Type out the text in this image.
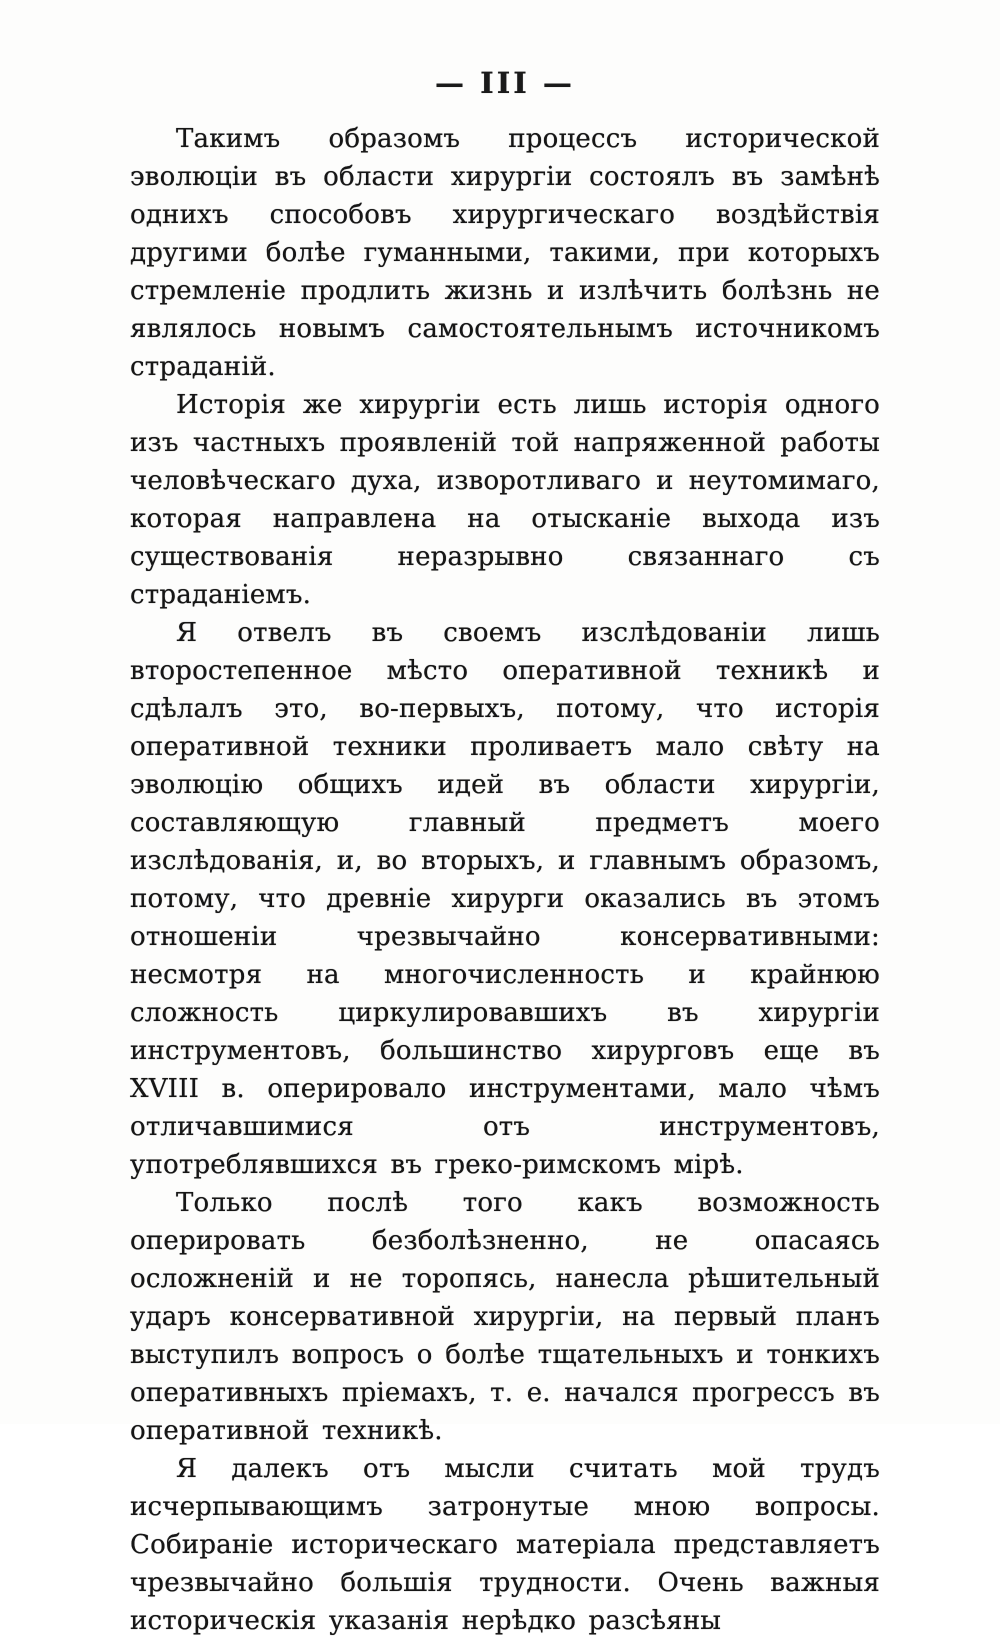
— III —

Такимъ образомъ процессъ исторической эволюціи въ области хирургіи состоялъ въ замѣнѣ однихъ способовъ хирургическаго воздѣйствія другими болѣе гуманными, такими, при которыхъ стремленіе продлить жизнь и излѣчить болѣзнь не являлось новымъ самостоятельнымъ источникомъ страданій.

Исторія же хирургіи есть лишь исторія одного изъ частныхъ проявленій той напряженной работы человѣческаго духа, изворотливаго и неутомимаго, которая направлена на отысканіе выхода изъ существованія неразрывно связаннаго съ страданіемъ.

Я отвелъ въ своемъ изслѣдованіи лишь второстепенное мѣсто оперативной техникѣ и сдѣлалъ это, во-первыхъ, потому, что исторія оперативной техники проливаетъ мало свѣту на эволюцію общихъ идей въ области хирургіи, составляющую главный предметъ моего изслѣдованія, и, во вторыхъ, и главнымъ образомъ, потому, что древніе хирурги оказались въ этомъ отношеніи чрезвычайно консервативными: несмотря на многочисленность и крайнюю сложность циркулировавшихъ въ хирургіи инструментовъ, большинство хирурговъ еще въ XVIII в. оперировало инструментами, мало чѣмъ отличавшимися отъ инструментовъ, употреблявшихся въ греко-римскомъ мірѣ.

Только послѣ того какъ возможность оперировать безболѣзненно, не опасаясь осложненій и не торопясь, нанесла рѣшительный ударъ консервативной хирургіи, на первый планъ выступилъ вопросъ о болѣе тщательныхъ и тонкихъ оперативныхъ пріемахъ, т. е. начался прогрессъ въ оперативной техникѣ.

Я далекъ отъ мысли считать мой трудъ исчерпывающимъ затронутые мною вопросы. Собираніе историческаго матеріала представляетъ чрезвычайно большія трудности. Очень важныя историческія указанія нерѣдко разсѣяны
